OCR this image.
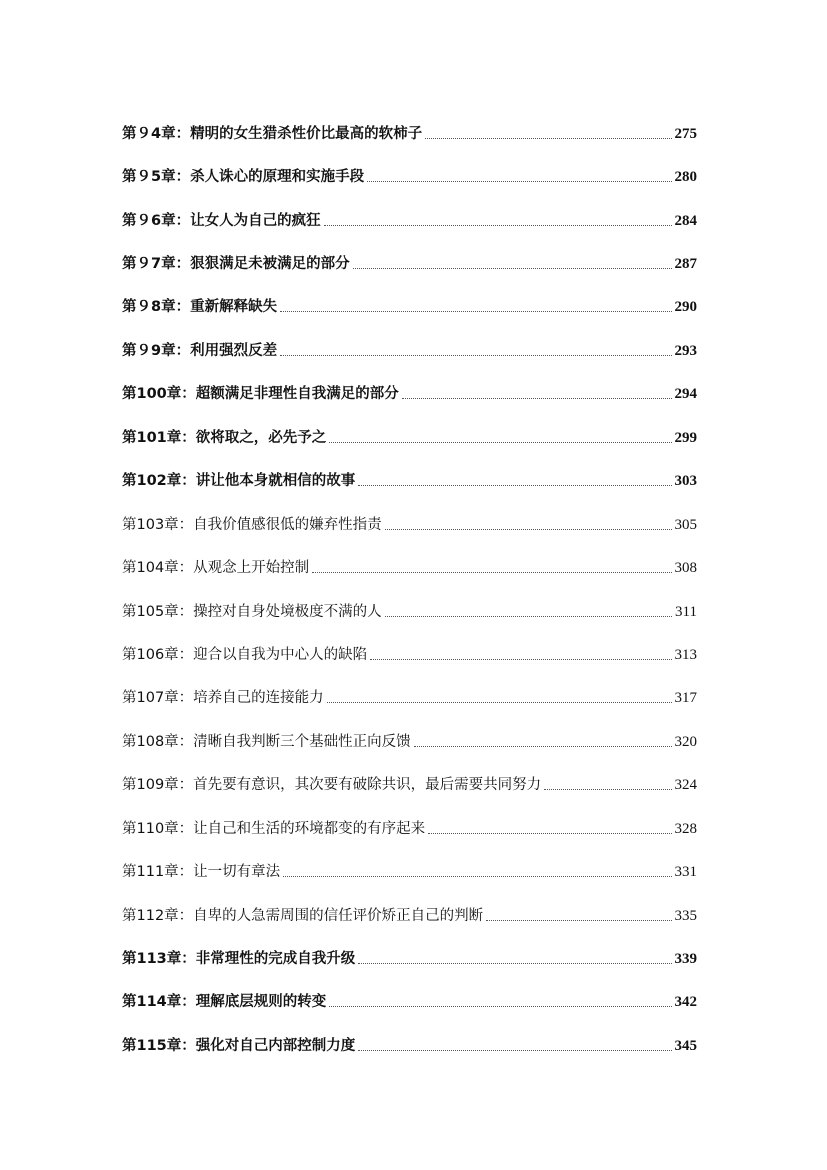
第９4章：精明的女生猎杀性价比最高的软柿子	275
第９5章：杀人诛心的原理和实施手段	280
第９6章：让女人为自己的疯狂	284
第９7章：狠狠满足未被满足的部分	287
第９8章：重新解释缺失	290
第９9章：利用强烈反差	293
第100章：超额满足非理性自我满足的部分	294
第101章：欲将取之，必先予之	299
第102章：讲让他本身就相信的故事	303
第103章：自我价值感很低的嫌弃性指责	305
第104章：从观念上开始控制	308
第105章：操控对自身处境极度不满的人	311
第106章：迎合以自我为中心人的缺陷	313
第107章：培养自己的连接能力	317
第108章：清晰自我判断三个基础性正向反馈	320
第109章：首先要有意识，其次要有破除共识，最后需要共同努力	324
第110章：让自己和生活的环境都变的有序起来	328
第111章：让一切有章法	331
第112章：自卑的人急需周围的信任评价矫正自己的判断	335
第113章：非常理性的完成自我升级	339
第114章：理解底层规则的转变	342
第115章：强化对自己内部控制力度	345
